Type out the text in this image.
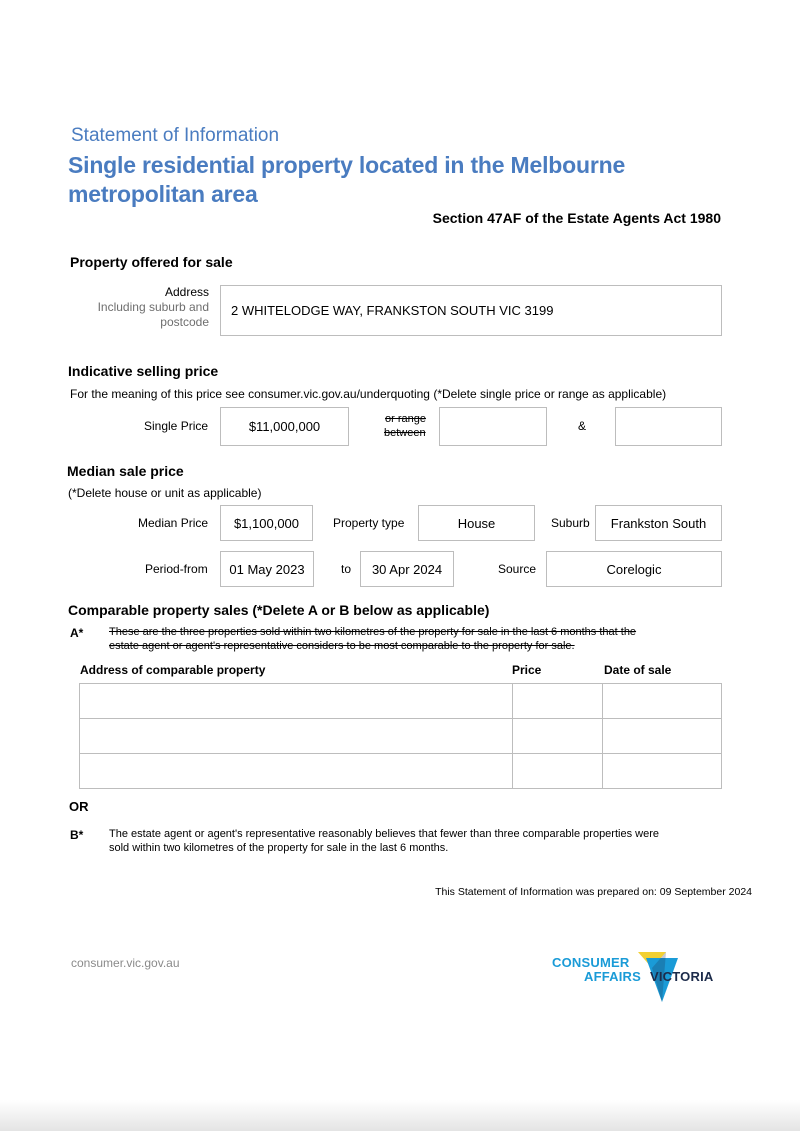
Statement of Information
Single residential property located in the Melbourne
metropolitan area
Section 47AF of the Estate Agents Act 1980
Property offered for sale
Address
Including suburb and
postcode
2 WHITELODGE WAY, FRANKSTON SOUTH VIC 3199
Indicative selling price
For the meaning of this price see consumer.vic.gov.au/underquoting (*Delete single price or range as applicable)
Single Price	$11,000,000	or range
between	&
Median sale price
(*Delete house or unit as applicable)
Median Price $1,100,000	Property type	House	Suburb Frankston South
Period-from 01 May 2023	to 30 Apr 2024	Source	Corelogic
Comparable property sales (*Delete A or B below as applicable)
A* These are the three properties sold within two kilometres of the property for sale in the last 6 months that the
estate agent or agent's representative considers to be most comparable to the property for sale.
Address of comparable property	Price	Date of sale
OR
B* The estate agent or agent's representative reasonably believes that fewer than three comparable properties were
sold within two kilometres of the property for sale in the last 6 months.
This Statement of Information was prepared on: 09 September 2024
consumer.vic.gov.au	CONSUMER
AFFAIRS VICTORIA
